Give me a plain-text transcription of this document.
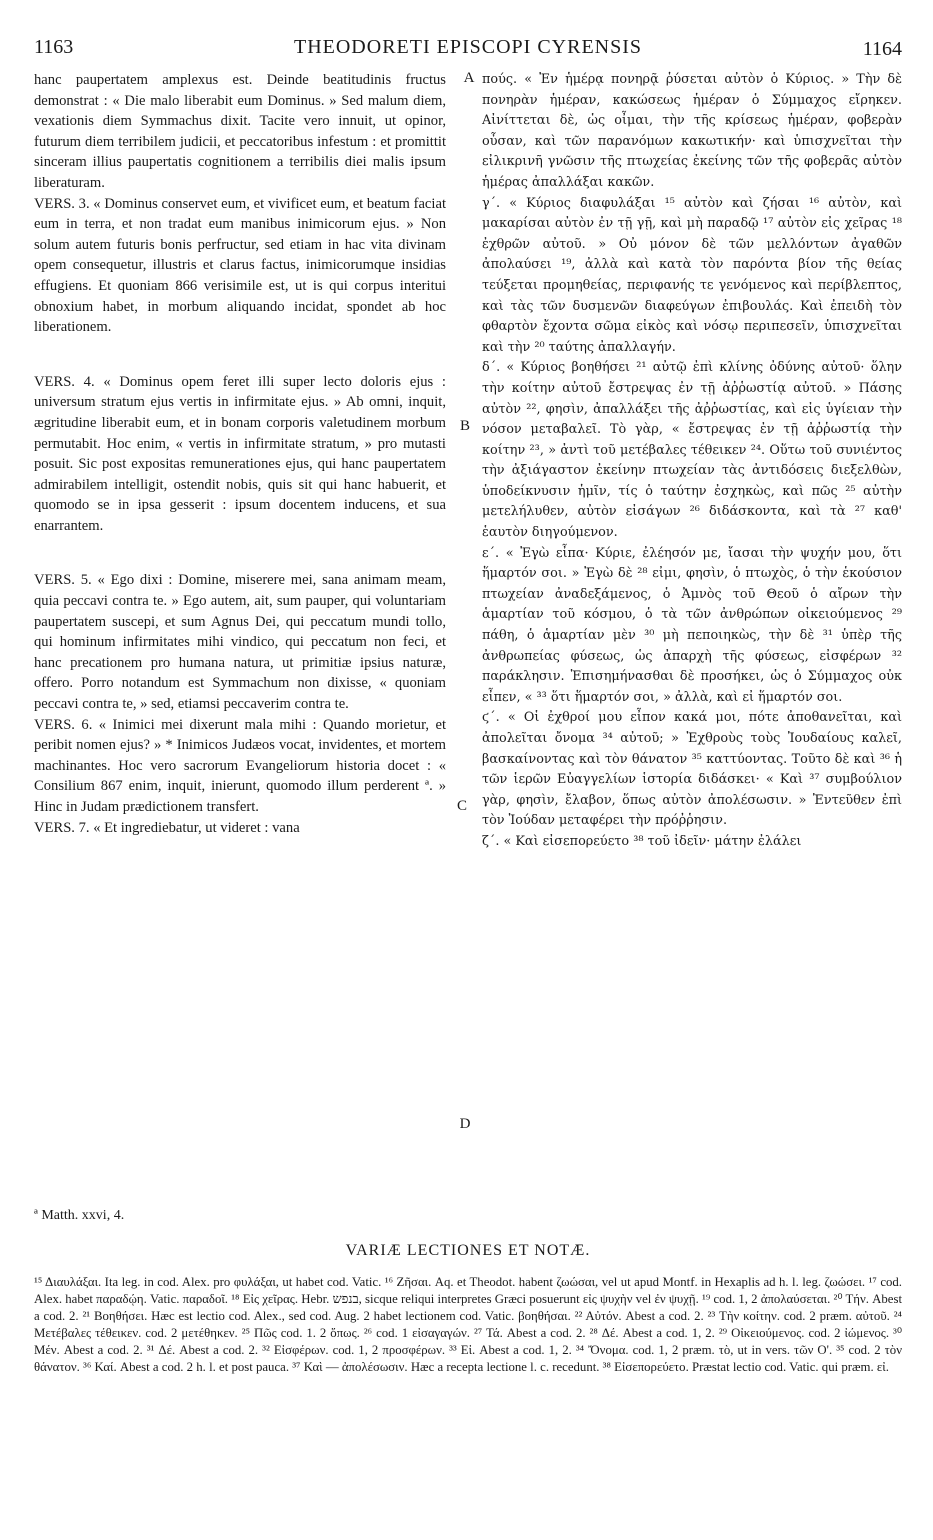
1163	THEODORETI EPISCOPI CYRENSIS	1164

hanc paupertatem amplexus est. Deinde beatitudinis fructus demonstrat : « Die malo liberabit eum Dominus. » Sed malum diem, vexationis diem Symmachus dixit. Tacite vero innuit, ut opinor, futurum diem terribilem judicii, et peccatoribus infestum : et promittit sinceram illius paupertatis cognitionem a terribilis diei malis ipsum liberaturam.

VERS. 3. « Dominus conservet eum, et vivificet eum, et beatum faciat eum in terra, et non tradat eum manibus inimicorum ejus. » Non solum autem futuris bonis perfructur, sed etiam in hac vita divinam opem consequetur, illustris et clarus factus, inimicorumque insidias effugiens. Et quoniam 866 verisimile est, ut is qui corpus interitui obnoxium habet, in morbum aliquando incidat, spondet ab hoc liberationem.

VERS. 4. « Dominus opem feret illi super lecto doloris ejus : universum stratum ejus vertis in infirmitate ejus. » Ab omni, inquit, ægritudine liberabit eum, et in bonam corporis valetudinem morbum permutabit. Hoc enim, « vertis in infirmitate stratum, » pro mutasti posuit. Sic post expositas remunerationes ejus, qui hanc paupertatem admirabilem intelligit, ostendit nobis, quis sit qui hanc habuerit, et quomodo se in ipsa gesserit : ipsum docentem inducens, et sua enarrantem.

VERS. 5. « Ego dixi : Domine, miserere mei, sana animam meam, quia peccavi contra te. » Ego autem, ait, sum pauper, qui voluntariam paupertatem suscepi, et sum Agnus Dei, qui peccatum mundi tollo, qui hominum infirmitates mihi vindico, qui peccatum non feci, et hanc precationem pro humana natura, ut primitiæ ipsius naturæ, offero. Porro notandum est Symmachum non dixisse, « quoniam peccavi contra te, » sed, etiamsi peccaverim contra te.

VERS. 6. « Inimici mei dixerunt mala mihi : Quando morietur, et peribit nomen ejus? » * Inimicos Judæos vocat, invidentes, et mortem machinantes. Hoc vero sacrorum Evangeliorum historia docet : « Consilium 867 enim, inquit, inierunt, quomodo illum perderent ª. » Hinc in Judam prædictionem transfert.

VERS. 7. « Et ingrediebatur, ut videret : vana

πούς. « Ἐν ἡμέρᾳ πονηρᾷ ῥύσεται αὐτὸν ὁ Κύριος. » Τὴν δὲ πονηρὰν ἡμέραν, κακώσεως ἡμέραν ὁ Σύμμαχος εἴρηκεν. Αἰνίττεται δὲ, ὡς οἶμαι, τὴν τῆς κρίσεως ἡμέραν, φοβερὰν οὖσαν, καὶ τῶν παρανόμων κακωτικήν· καὶ ὑπισχνεῖται τὴν εἰλικρινῆ γνῶσιν τῆς πτωχείας ἐκείνης τῶν τῆς φοβερᾶς αὐτὸν ἡμέρας ἀπαλλάξαι κακῶν.

γ΄. « Κύριος διαφυλάξαι ¹⁵ αὐτὸν καὶ ζήσαι ¹⁶ αὐτὸν, καὶ μακαρίσαι αὐτὸν ἐν τῇ γῇ, καὶ μὴ παραδῷ ¹⁷ αὐτὸν εἰς χεῖρας ¹⁸ ἐχθρῶν αὐτοῦ. » Οὐ μόνον δὲ τῶν μελλόντων ἀγαθῶν ἀπολαύσει ¹⁹, ἀλλὰ καὶ κατὰ τὸν παρόντα βίον τῆς θείας τεύξεται προμηθείας, περιφανής τε γενόμενος καὶ περίβλεπτος, καὶ τὰς τῶν δυσμενῶν διαφεύγων ἐπιβουλάς. Καὶ ἐπειδὴ τὸν φθαρτὸν ἔχοντα σῶμα εἰκὸς καὶ νόσῳ περιπεσεῖν, ὑπισχνεῖται καὶ τὴν ²⁰ ταύτης ἀπαλλαγήν.

δ΄. « Κύριος βοηθήσει ²¹ αὐτῷ ἐπὶ κλίνης ὀδύνης αὐτοῦ· ὅλην τὴν κοίτην αὐτοῦ ἔστρεψας ἐν τῇ ἀῤῥωστίᾳ αὐτοῦ. » Πάσης αὐτὸν ²², φησὶν, ἀπαλλάξει τῆς ἀῤῥωστίας, καὶ εἰς ὑγίειαν τὴν νόσον μεταβαλεῖ. Τὸ γὰρ, « ἔστρεψας ἐν τῇ ἀῤῥωστίᾳ τὴν κοίτην ²³, » ἀντὶ τοῦ μετέβαλες τέθεικεν ²⁴. Οὕτω τοῦ συνιέντος τὴν ἀξιάγαστον ἐκείνην πτωχείαν τὰς ἀντιδόσεις διεξελθὼν, ὑποδείκνυσιν ἡμῖν, τίς ὁ ταύτην ἐσχηκὼς, καὶ πῶς ²⁵ αὐτὴν μετελήλυθεν, αὐτὸν εἰσάγων ²⁶ διδάσκοντα, καὶ τὰ ²⁷ καθ' ἑαυτὸν διηγούμενον.

ε΄. « Ἐγὼ εἶπα· Κύριε, ἐλέησόν με, ἴασαι τὴν ψυχήν μου, ὅτι ἥμαρτόν σοι. » Ἐγὼ δὲ ²⁸ εἰμι, φησὶν, ὁ πτωχὸς, ὁ τὴν ἑκούσιον πτωχείαν ἀναδεξάμενος, ὁ Ἀμνὸς τοῦ Θεοῦ ὁ αἴρων τὴν ἁμαρτίαν τοῦ κόσμου, ὁ τὰ τῶν ἀνθρώπων οἰκειούμενος ²⁹ πάθη, ὁ ἁμαρτίαν μὲν ³⁰ μὴ πεποιηκὼς, τὴν δὲ ³¹ ὑπὲρ τῆς ἀνθρωπείας φύσεως, ὡς ἀπαρχὴ τῆς φύσεως, εἰσφέρων ³² παράκλησιν. Ἐπισημήνασθαι δὲ προσήκει, ὡς ὁ Σύμμαχος οὐκ εἶπεν, « ³³ ὅτι ἥμαρτόν σοι, » ἀλλὰ, καὶ εἰ ἥμαρτόν σοι.

ϛ΄. « Οἱ ἐχθροί μου εἶπον κακά μοι, πότε ἀποθανεῖται, καὶ ἀπολεῖται ὄνομα ³⁴ αὐτοῦ; » Ἐχθροὺς τοὺς Ἰουδαίους καλεῖ, βασκαίνοντας καὶ τὸν θάνατον ³⁵ καττύοντας. Τοῦτο δὲ καὶ ³⁶ ἡ τῶν ἱερῶν Εὐαγγελίων ἱστορία διδάσκει· « Καὶ ³⁷ συμβούλιον γὰρ, φησὶν, ἔλαβον, ὅπως αὐτὸν ἀπολέσωσιν. » Ἐντεῦθεν ἐπὶ τὸν Ἰούδαν μεταφέρει τὴν πρόῤῥησιν.

ζ΄. « Καὶ εἰσεπορεύετο ³⁸ τοῦ ἰδεῖν· μάτην ἐλάλει

A
B
C
D
ª Matth. xxvi, 4.
VARIÆ LECTIONES ET NOTÆ.
¹⁵ Διαυλάξαι. Ita leg. in cod. Alex. pro φυλάξαι, ut habet cod. Vatic. ¹⁶ Ζῆσαι. Aq. et Theodot. habent ζωώσαι, vel ut apud Montf. in Hexaplis ad h. l. leg. ζωώσει. ¹⁷ cod. Alex. habet παραδῴη. Vatic. παραδοῖ. ¹⁸ Εἰς χεῖρας. Hebr. בנפש, sicque reliqui interpretes Græci posuerunt εἰς ψυχὴν vel ἐν ψυχῇ. ¹⁹ cod. 1, 2 ἀπολαύσεται. ²⁰ Τήν. Abest a cod. 2. ²¹ Βοηθήσει. Hæc est lectio cod. Alex., sed cod. Aug. 2 habet lectionem cod. Vatic. βοηθήσαι. ²² Αὐτόν. Abest a cod. 2. ²³ Τὴν κοίτην. cod. 2 præm. αὐτοῦ. ²⁴ Μετέβαλες τέθεικεν. cod. 2 μετέθηκεν. ²⁵ Πῶς cod. 1. 2 ὅπως. ²⁶ cod. 1 εἰσαγαγών. ²⁷ Τά. Abest a cod. 2. ²⁸ Δέ. Abest a cod. 1, 2. ²⁹ Οἰκειούμενος. cod. 2 ἰώμενος. ³⁰ Μέν. Abest a cod. 2. ³¹ Δέ. Abest a cod. 2. ³² Εἰσφέρων. cod. 1, 2 προσφέρων. ³³ Εἰ. Abest a cod. 1, 2. ³⁴ Ὄνομα. cod. 1, 2 præm. τὸ, ut in vers. τῶν O'. ³⁵ cod. 2 τὸν θάνατον. ³⁶ Καί. Abest a cod. 2 h. l. et post pauca. ³⁷ Καὶ — ἀπολέσωσιν. Hæc a recepta lectione l. c. recedunt. ³⁸ Εἰσεπορεύετο. Præstat lectio cod. Vatic. qui præm. εἰ.
